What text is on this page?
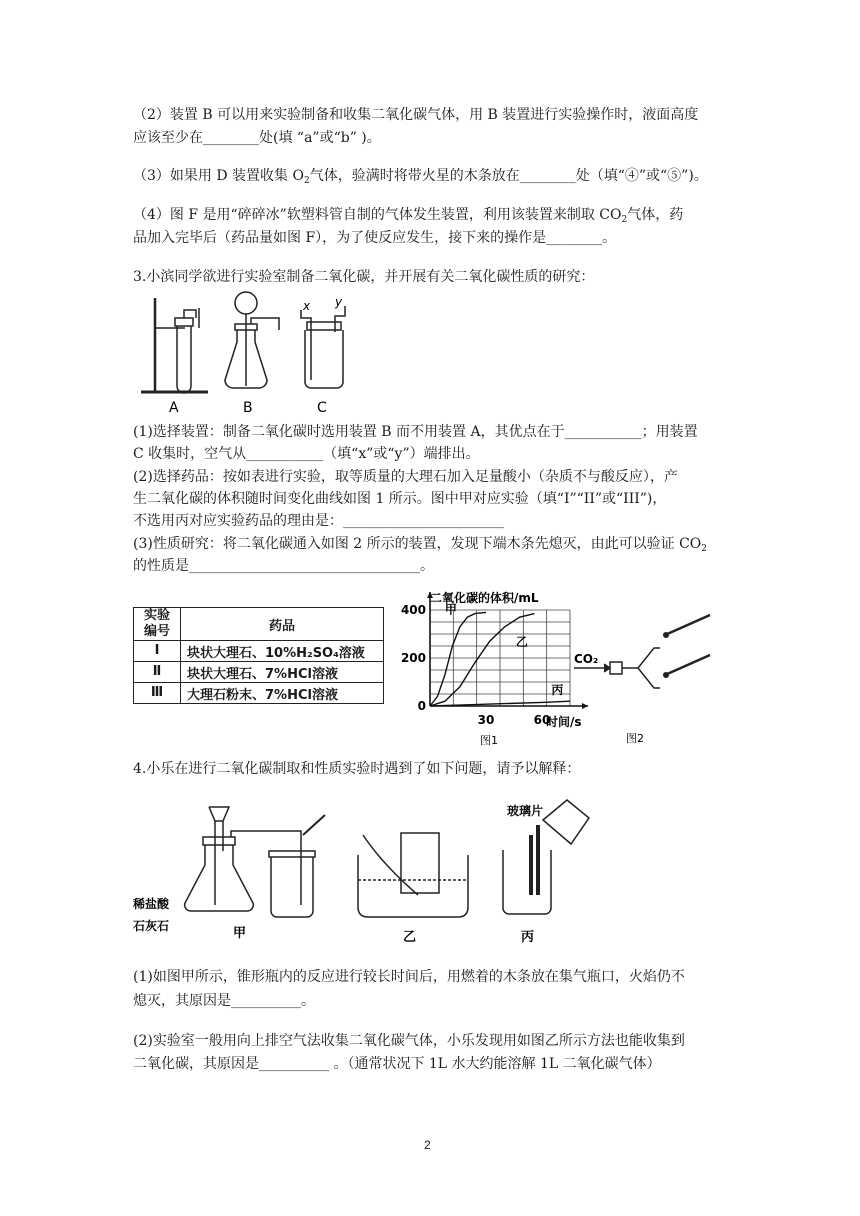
（2）装置 B 可以用来实验制备和收集二氧化碳气体，用 B 装置进行实验操作时，液面高度
应该至少在________处(填 “a”或“b” )。
（3）如果用 D 装置收集 $O_2$气体，验满时将带火星的木条放在________处（填“④”或“⑤”)。
（4）图 F 是用“碎碎冰”软塑料管自制的气体发生装置，利用该装置来制取 $CO_2$气体，药
品加入完毕后（药品量如图 F），为了使反应发生，接下来的操作是________。
3.小滨同学欲进行实验室制备二氧化碳，并开展有关二氧化碳性质的研究：
x y
A	B	C
(1)选择装置：制备二氧化碳时选用装置 B 而不用装置 A，其优点在于___________；用装置
C 收集时，空气从___________（填“x”或“y”）端排出。
(2)选择药品：按如表进行实验，取等质量的大理石加入足量酸小（杂质不与酸反应），产
生二氧化碳的体积随时间变化曲线如图 1 所示。图中甲对应实验（填“I”“II”或“III”)，
不选用丙对应实验药品的理由是：_______________________
(3)性质研究：将二氧化碳通入如图 2 所示的装置，发现下端木条先熄灭，由此可以验证 $CO_2$
的性质是_________________________________。
实验
编号	药品
Ⅰ	块状大理石、10%H₂SO₄溶液
Ⅱ	块状大理石、7%HCl溶液
Ⅲ	大理石粉末、7%HCl溶液
甲
乙
丙
0
200
400
30	60
二氧化碳的体积/mL
时间/s
图1
CO₂
图2
4.小乐在进行二氧化碳制取和性质实验时遇到了如下问题，请予以解释：
稀盐酸
石灰石
玻璃片
甲	乙	丙
(1)如图甲所示，锥形瓶内的反应进行较长时间后，用燃着的木条放在集气瓶口，火焰仍不
熄灭，其原因是__________。
(2)实验室一般用向上排空气法收集二氧化碳气体，小乐发现用如图乙所示方法也能收集到
二氧化碳，其原因是__________ 。（通常状况下 1L 水大约能溶解 1L 二氧化碳气体）
2
